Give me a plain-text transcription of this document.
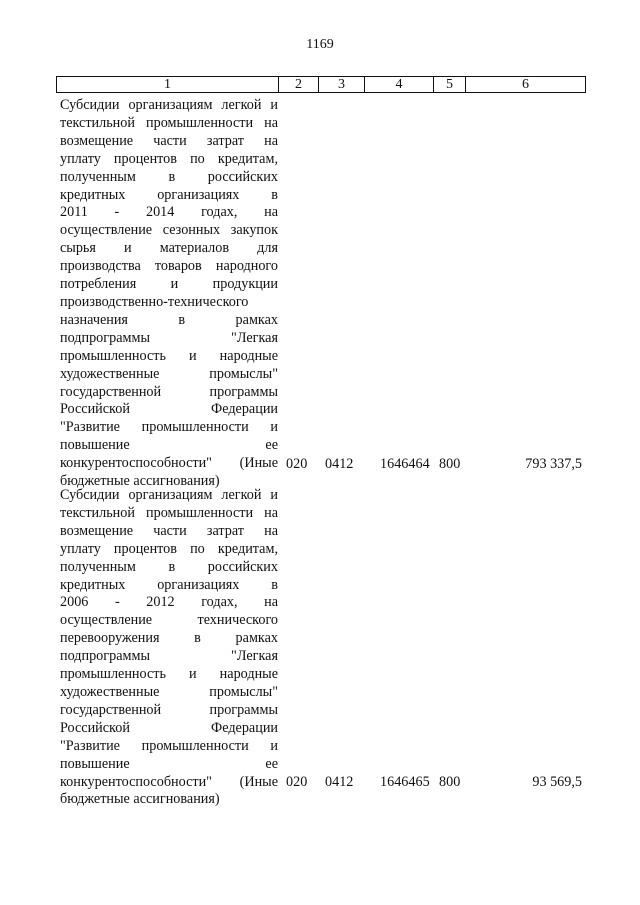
1169
1	2	3	4	5	6
Субсидии организациям легкой и
текстильной промышленности на
возмещение части затрат на
уплату процентов по кредитам,
полученным в российских
кредитных организациях в
2011 - 2014 годах, на
осуществление сезонных закупок
сырья и материалов для
производства товаров народного
потребления и продукции
производственно-технического
назначения в рамках
подпрограммы "Легкая
промышленность и народные
художественные промыслы"
государственной программы
Российской Федерации
"Развитие промышленности и
повышение ее
конкурентоспособности" (Иные
бюджетные ассигнования)
020 0412 1646464 800	793 337,5
Субсидии организациям легкой и
текстильной промышленности на
возмещение части затрат на
уплату процентов по кредитам,
полученным в российских
кредитных организациях в
2006 - 2012 годах, на
осуществление технического
перевооружения в рамках
подпрограммы "Легкая
промышленность и народные
художественные промыслы"
государственной программы
Российской Федерации
"Развитие промышленности и
повышение ее
конкурентоспособности" (Иные
бюджетные ассигнования)
020 0412 1646465 800	93 569,5
